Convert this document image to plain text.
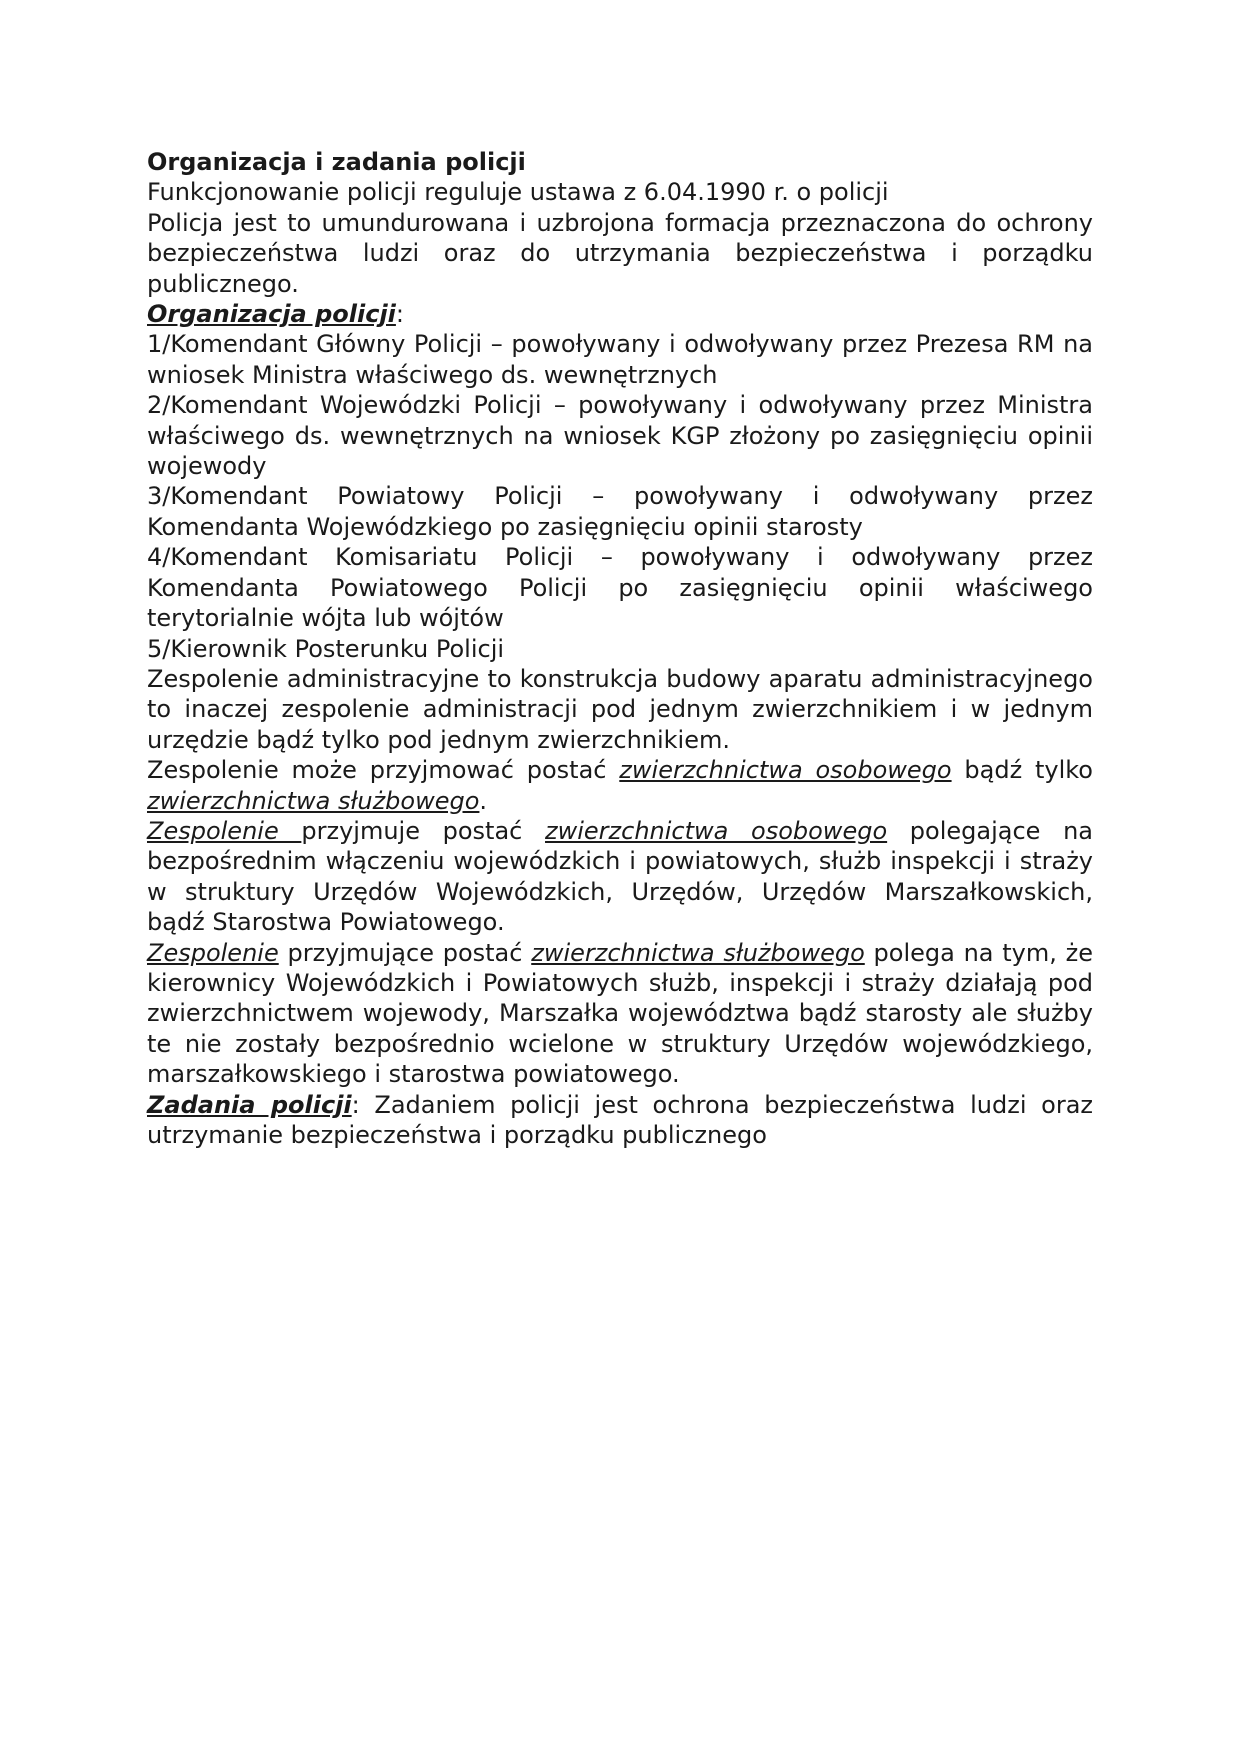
Organizacja i zadania policji

Funkcjonowanie policji reguluje ustawa z 6.04.1990 r. o policji

Policja jest to umundurowana i uzbrojona formacja przeznaczona do ochrony bezpieczeństwa ludzi oraz do utrzymania bezpieczeństwa i porządku publicznego.

Organizacja policji:

1/Komendant Główny Policji – powoływany i odwoływany przez Prezesa RM na wniosek Ministra właściwego ds. wewnętrznych

2/Komendant Wojewódzki Policji – powoływany i odwoływany przez Ministra właściwego ds. wewnętrznych na wniosek KGP złożony po zasięgnięciu opinii wojewody

3/Komendant Powiatowy Policji – powoływany i odwoływany przez Komendanta Wojewódzkiego po zasięgnięciu opinii starosty

4/Komendant Komisariatu Policji – powoływany i odwoływany przez Komendanta Powiatowego Policji po zasięgnięciu opinii właściwego terytorialnie wójta lub wójtów

5/Kierownik Posterunku Policji

Zespolenie administracyjne to konstrukcja budowy aparatu administracyjnego to inaczej zespolenie administracji pod jednym zwierzchnikiem i w jednym urzędzie bądź tylko pod jednym zwierzchnikiem.

Zespolenie może przyjmować postać zwierzchnictwa osobowego bądź tylko zwierzchnictwa służbowego.

Zespolenie przyjmuje postać zwierzchnictwa osobowego polegające na bezpośrednim włączeniu wojewódzkich i powiatowych, służb inspekcji i straży w struktury Urzędów Wojewódzkich, Urzędów, Urzędów Marszałkowskich, bądź Starostwa Powiatowego.

Zespolenie przyjmujące postać zwierzchnictwa służbowego polega na tym, że kierownicy Wojewódzkich i Powiatowych służb, inspekcji i straży działają pod zwierzchnictwem wojewody, Marszałka województwa bądź starosty ale służby te nie zostały bezpośrednio wcielone w struktury Urzędów wojewódzkiego, marszałkowskiego i starostwa powiatowego.

Zadania policji: Zadaniem policji jest ochrona bezpieczeństwa ludzi oraz utrzymanie bezpieczeństwa i porządku publicznego
